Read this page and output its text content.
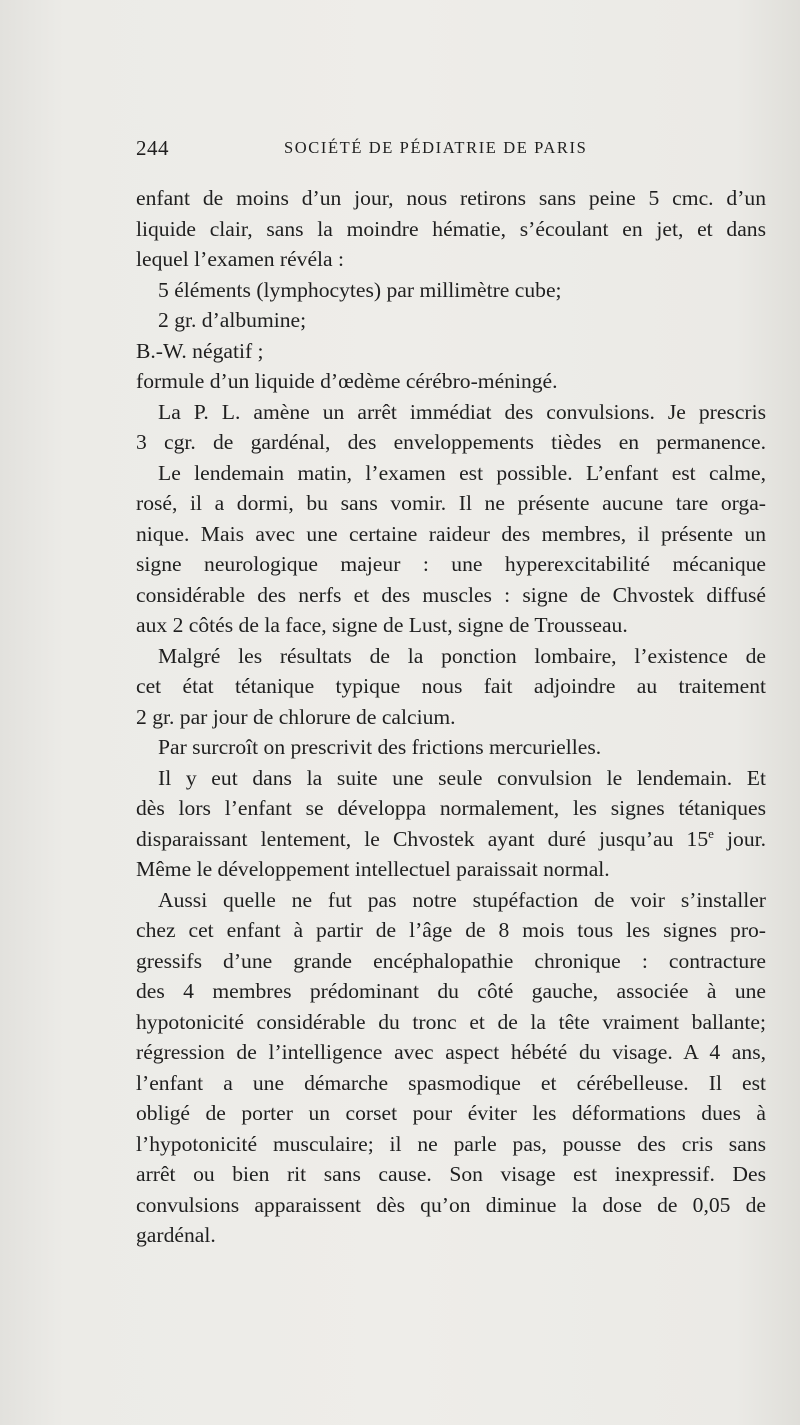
244	SOCIÉTÉ DE PÉDIATRIE DE PARIS
enfant de moins d’un jour, nous retirons sans peine 5 cmc. d’un
liquide clair, sans la moindre hématie, s’écoulant en jet, et dans
lequel l’examen révéla :
5 éléments (lymphocytes) par millimètre cube;
2 gr. d’albumine;
B.-W. négatif ;
formule d’un liquide d’œdème cérébro-méningé.
La P. L. amène un arrêt immédiat des convulsions. Je prescris
3 cgr. de gardénal, des enveloppements tièdes en permanence.
Le lendemain matin, l’examen est possible. L’enfant est calme,
rosé, il a dormi, bu sans vomir. Il ne présente aucune tare orga-
nique. Mais avec une certaine raideur des membres, il présente un
signe neurologique majeur : une hyperexcitabilité mécanique
considérable des nerfs et des muscles : signe de Chvostek diffusé
aux 2 côtés de la face, signe de Lust, signe de Trousseau.
Malgré les résultats de la ponction lombaire, l’existence de
cet état tétanique typique nous fait adjoindre au traitement
2 gr. par jour de chlorure de calcium.
Par surcroît on prescrivit des frictions mercurielles.
Il y eut dans la suite une seule convulsion le lendemain. Et
dès lors l’enfant se développa normalement, les signes tétaniques
disparaissant lentement, le Chvostek ayant duré jusqu’au 15e jour.
Même le développement intellectuel paraissait normal.
Aussi quelle ne fut pas notre stupéfaction de voir s’installer
chez cet enfant à partir de l’âge de 8 mois tous les signes pro-
gressifs d’une grande encéphalopathie chronique : contracture
des 4 membres prédominant du côté gauche, associée à une
hypotonicité considérable du tronc et de la tête vraiment ballante;
régression de l’intelligence avec aspect hébété du visage. A 4 ans,
l’enfant a une démarche spasmodique et cérébelleuse. Il est
obligé de porter un corset pour éviter les déformations dues à
l’hypotonicité musculaire; il ne parle pas, pousse des cris sans
arrêt ou bien rit sans cause. Son visage est inexpressif. Des
convulsions apparaissent dès qu’on diminue la dose de 0,05 de
gardénal.
